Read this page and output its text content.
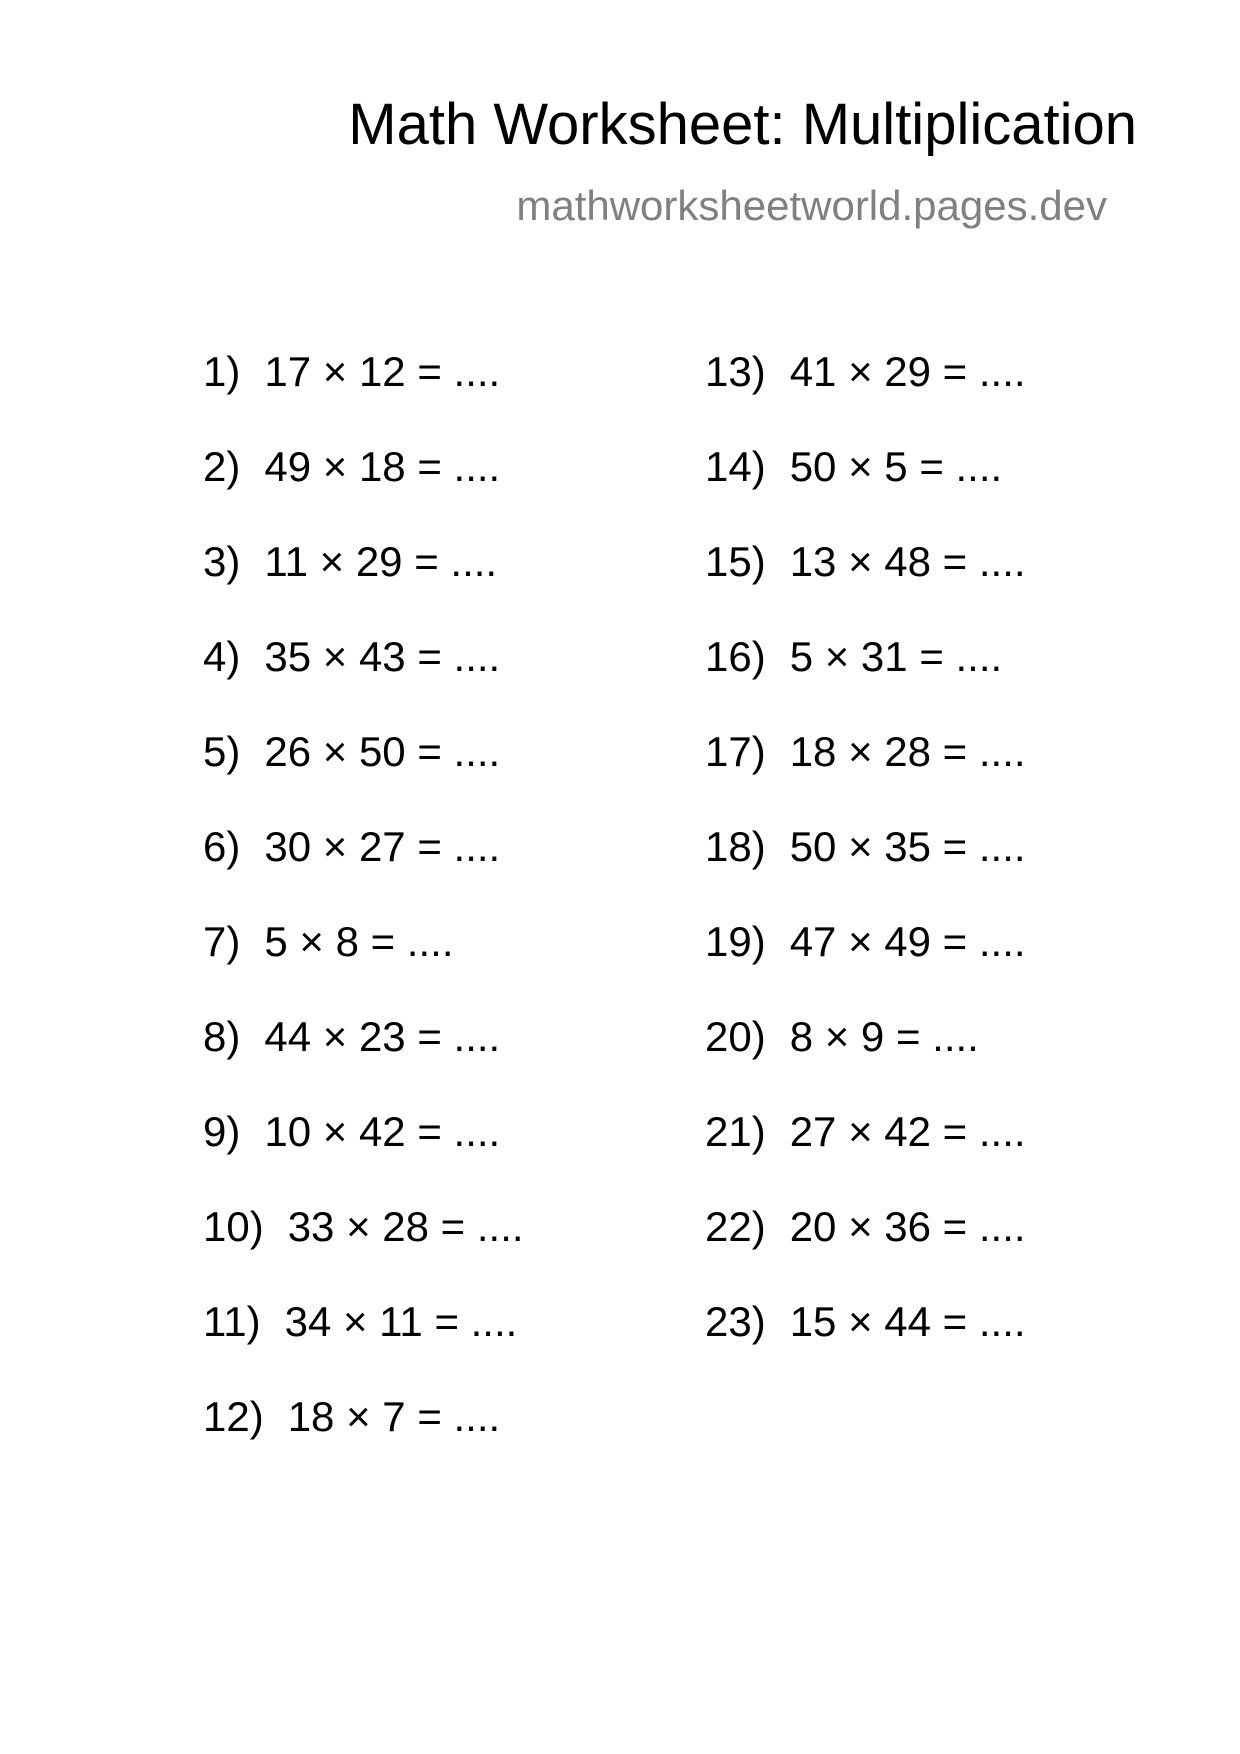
Math Worksheet: Multiplication
mathworksheetworld.pages.dev
1) 17 × 12 = ....
2) 49 × 18 = ....
3) 11 × 29 = ....
4) 35 × 43 = ....
5) 26 × 50 = ....
6) 30 × 27 = ....
7) 5 × 8 = ....
8) 44 × 23 = ....
9) 10 × 42 = ....
10) 33 × 28 = ....
11) 34 × 11 = ....
12) 18 × 7 = ....
13) 41 × 29 = ....
14) 50 × 5 = ....
15) 13 × 48 = ....
16) 5 × 31 = ....
17) 18 × 28 = ....
18) 50 × 35 = ....
19) 47 × 49 = ....
20) 8 × 9 = ....
21) 27 × 42 = ....
22) 20 × 36 = ....
23) 15 × 44 = ....
